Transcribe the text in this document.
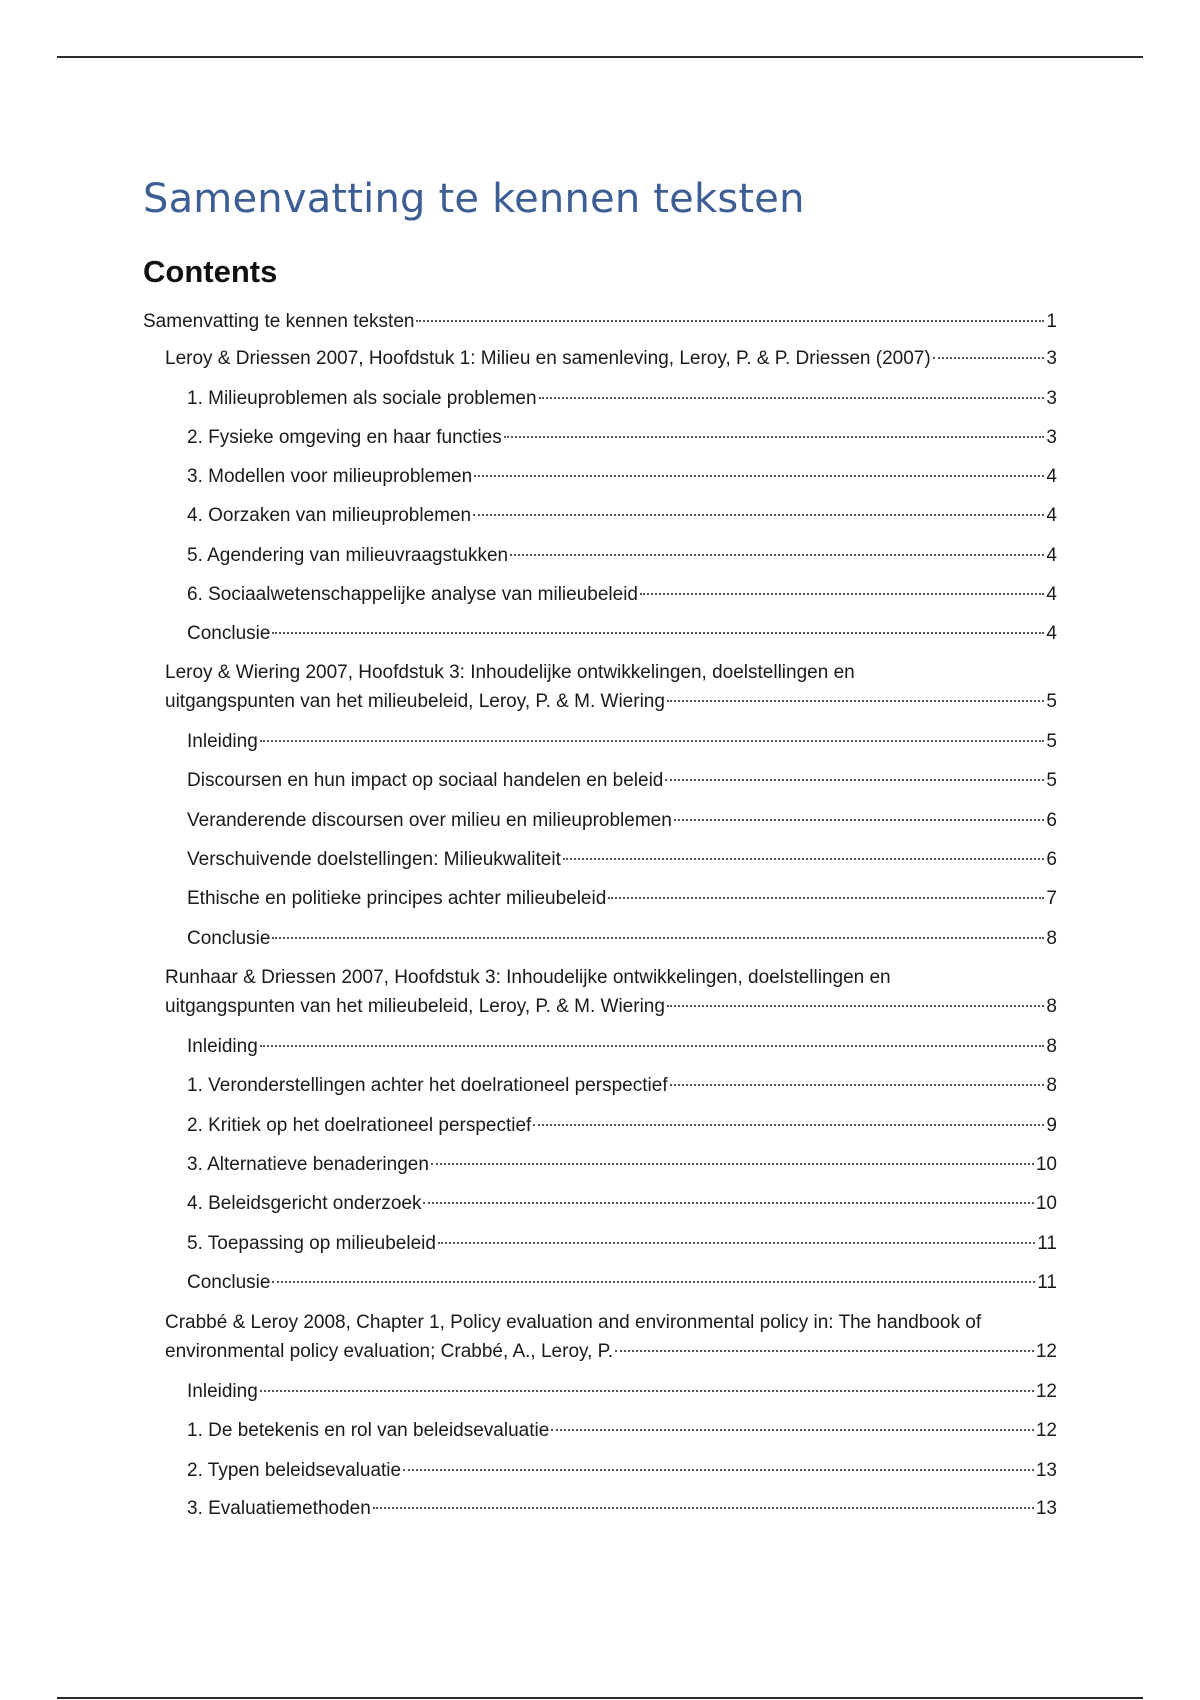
Samenvatting te kennen teksten
Contents
Samenvatting te kennen teksten	1
Leroy & Driessen 2007, Hoofdstuk 1: Milieu en samenleving, Leroy, P. & P. Driessen (2007)	3
1. Milieuproblemen als sociale problemen	3
2. Fysieke omgeving en haar functies	3
3. Modellen voor milieuproblemen	4
4. Oorzaken van milieuproblemen	4
5. Agendering van milieuvraagstukken	4
6. Sociaalwetenschappelijke analyse van milieubeleid	4
Conclusie	4
Leroy & Wiering 2007, Hoofdstuk 3: Inhoudelijke ontwikkelingen, doelstellingen en
uitgangspunten van het milieubeleid, Leroy, P. & M. Wiering	5
Inleiding	5
Discoursen en hun impact op sociaal handelen en beleid	5
Veranderende discoursen over milieu en milieuproblemen	6
Verschuivende doelstellingen: Milieukwaliteit	6
Ethische en politieke principes achter milieubeleid	7
Conclusie	8
Runhaar & Driessen 2007, Hoofdstuk 3: Inhoudelijke ontwikkelingen, doelstellingen en
uitgangspunten van het milieubeleid, Leroy, P. & M. Wiering	8
Inleiding	8
1. Veronderstellingen achter het doelrationeel perspectief	8
2. Kritiek op het doelrationeel perspectief	9
3. Alternatieve benaderingen	10
4. Beleidsgericht onderzoek	10
5. Toepassing op milieubeleid	11
Conclusie	11
Crabbé & Leroy 2008, Chapter 1, Policy evaluation and environmental policy in: The handbook of
environmental policy evaluation; Crabbé, A., Leroy, P.	12
Inleiding	12
1. De betekenis en rol van beleidsevaluatie	12
2. Typen beleidsevaluatie	13
3. Evaluatiemethoden	13
